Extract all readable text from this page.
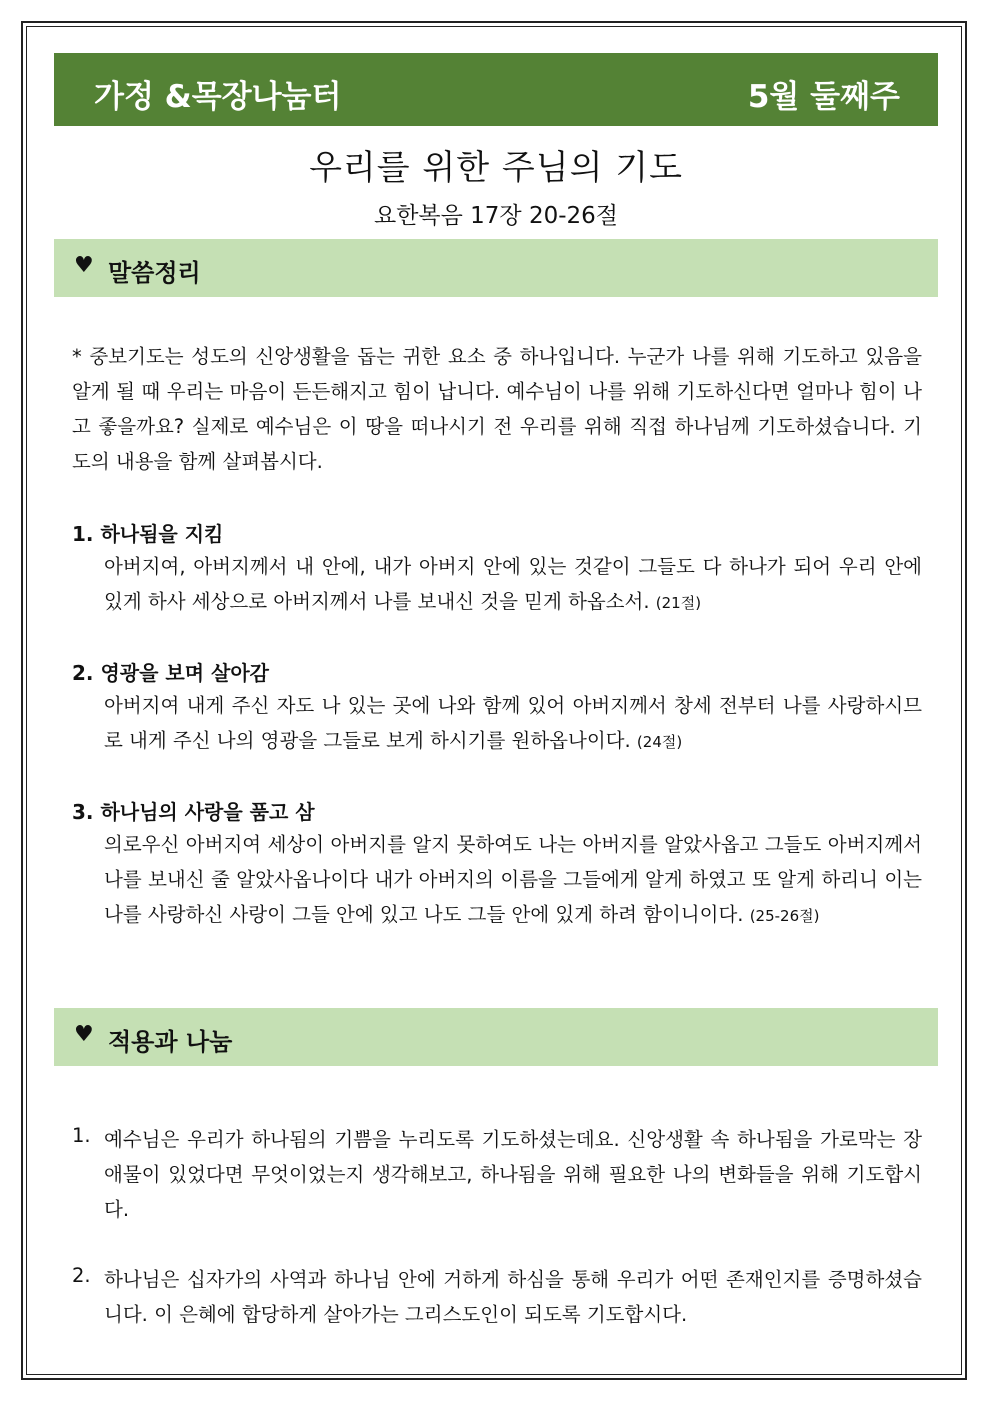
가정 &목장나눔터	5월 둘째주
우리를 위한 주님의 기도
요한복음 17장 20-26절
♥ 말씀정리
* 중보기도는 성도의 신앙생활을 돕는 귀한 요소 중 하나입니다. 누군가 나를 위해 기도하고 있음을 알게 될 때 우리는 마음이 든든해지고 힘이 납니다. 예수님이 나를 위해 기도하신다면 얼마나 힘이 나고 좋을까요? 실제로 예수님은 이 땅을 떠나시기 전 우리를 위해 직접 하나님께 기도하셨습니다. 기도의 내용을 함께 살펴봅시다.
1. 하나됨을 지킴
아버지여, 아버지께서 내 안에, 내가 아버지 안에 있는 것같이 그들도 다 하나가 되어 우리 안에 있게 하사 세상으로 아버지께서 나를 보내신 것을 믿게 하옵소서. (21절)
2. 영광을 보며 살아감
아버지여 내게 주신 자도 나 있는 곳에 나와 함께 있어 아버지께서 창세 전부터 나를 사랑하시므로 내게 주신 나의 영광을 그들로 보게 하시기를 원하옵나이다. (24절)
3. 하나님의 사랑을 품고 삼
의로우신 아버지여 세상이 아버지를 알지 못하여도 나는 아버지를 알았사옵고 그들도 아버지께서 나를 보내신 줄 알았사옵나이다 내가 아버지의 이름을 그들에게 알게 하였고 또 알게 하리니 이는 나를 사랑하신 사랑이 그들 안에 있고 나도 그들 안에 있게 하려 함이니이다. (25-26절)
♥ 적용과 나눔
1. 예수님은 우리가 하나됨의 기쁨을 누리도록 기도하셨는데요. 신앙생활 속 하나됨을 가로막는 장애물이 있었다면 무엇이었는지 생각해보고, 하나됨을 위해 필요한 나의 변화들을 위해 기도합시다.
2. 하나님은 십자가의 사역과 하나님 안에 거하게 하심을 통해 우리가 어떤 존재인지를 증명하셨습니다. 이 은혜에 합당하게 살아가는 그리스도인이 되도록 기도합시다.
